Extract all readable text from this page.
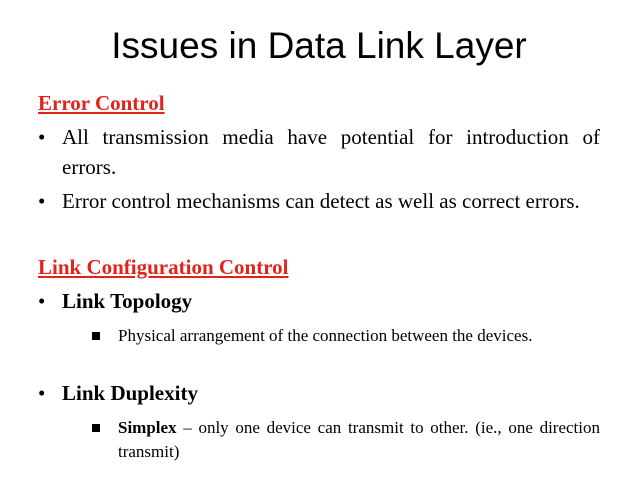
Issues in Data Link Layer
Error Control
• All transmission media have potential for introduction of errors.
• Error control mechanisms can detect as well as correct errors.
Link Configuration Control
• Link Topology
Physical arrangement of the connection between the devices.
• Link Duplexity
Simplex – only one device can transmit to other. (ie., one direction transmit)
